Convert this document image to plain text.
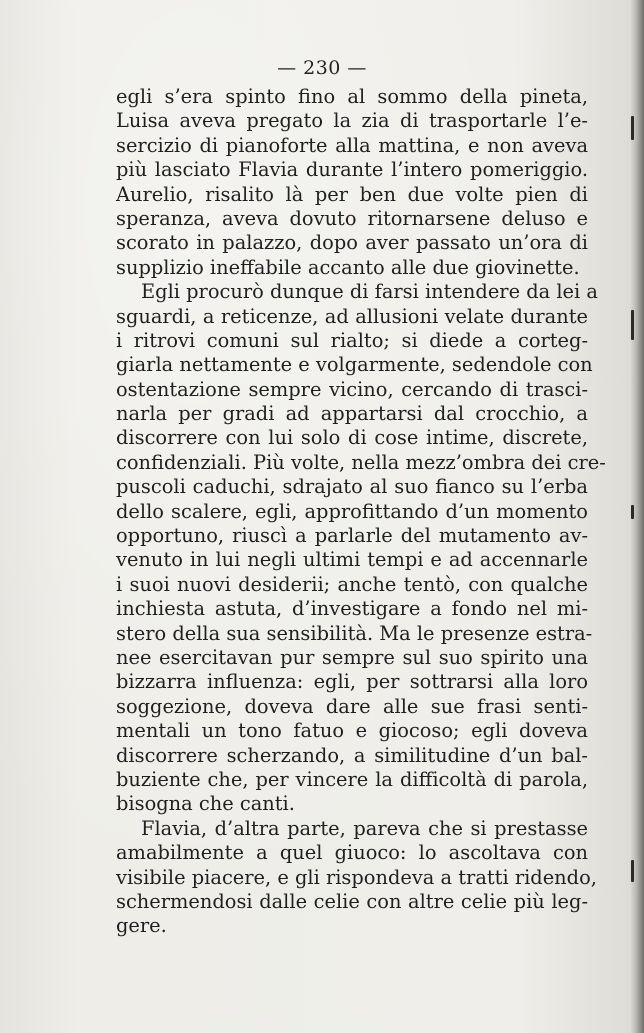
— 230 —
egli s’era spinto fino al sommo della pineta,
Luisa aveva pregato la zia di trasportarle l’e-
sercizio di pianoforte alla mattina, e non aveva
più lasciato Flavia durante l’intero pomeriggio.
Aurelio, risalito là per ben due volte pien di
speranza, aveva dovuto ritornarsene deluso e
scorato in palazzo, dopo aver passato un’ora di
supplizio ineffabile accanto alle due giovinette.
Egli procurò dunque di farsi intendere da lei a
sguardi, a reticenze, ad allusioni velate durante
i ritrovi comuni sul rialto; si diede a corteg-
giarla nettamente e volgarmente, sedendole con
ostentazione sempre vicino, cercando di trasci-
narla per gradi ad appartarsi dal crocchio, a
discorrere con lui solo di cose intime, discrete,
confidenziali. Più volte, nella mezz’ombra dei cre-
puscoli caduchi, sdrajato al suo fianco su l’erba
dello scalere, egli, approfittando d’un momento
opportuno, riuscì a parlarle del mutamento av-
venuto in lui negli ultimi tempi e ad accennarle
i suoi nuovi desiderii; anche tentò, con qualche
inchiesta astuta, d’investigare a fondo nel mi-
stero della sua sensibilità. Ma le presenze estra-
nee esercitavan pur sempre sul suo spirito una
bizzarra influenza: egli, per sottrarsi alla loro
soggezione, doveva dare alle sue frasi senti-
mentali un tono fatuo e giocoso; egli doveva
discorrere scherzando, a similitudine d’un bal-
buziente che, per vincere la difficoltà di parola,
bisogna che canti.
Flavia, d’altra parte, pareva che si prestasse
amabilmente a quel giuoco: lo ascoltava con
visibile piacere, e gli rispondeva a tratti ridendo,
schermendosi dalle celie con altre celie più leg-
gere.
